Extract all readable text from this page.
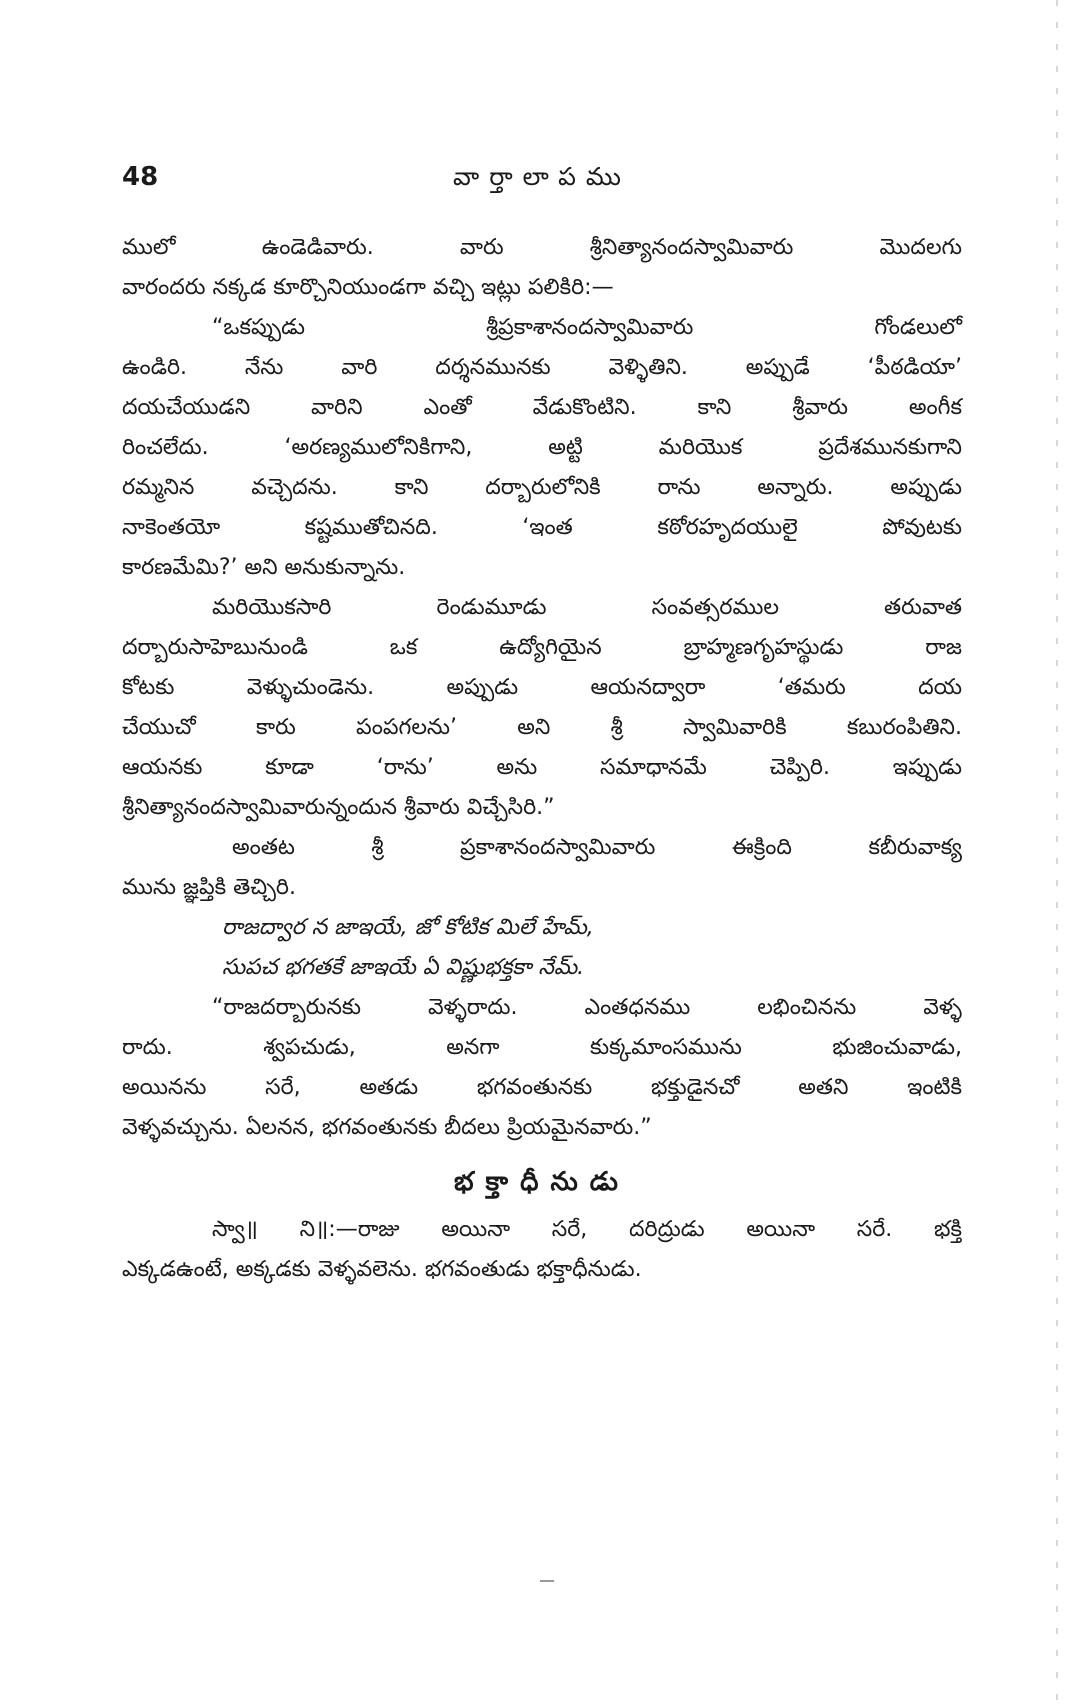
48	వార్తాలాపము
ములో ఉండెడివారు. వారు శ్రీనిత్యానందస్వామివారు మొదలగు
వారందరు నక్కడ కూర్చొనియుండగా వచ్చి ఇట్లు పలికిరి:—
“ఒకప్పుడు శ్రీప్రకాశానందస్వామివారు గోండలులో
ఉండిరి. నేను వారి దర్శనమునకు వెళ్ళితిని. అప్పుడే ‘పీఠడియా’
దయచేయుడని వారిని ఎంతో వేడుకొంటిని. కాని శ్రీవారు అంగీక
రించలేదు. ‘అరణ్యములోనికిగాని, అట్టి మరియొక ప్రదేశమునకుగాని
రమ్మనిన వచ్చెదను. కాని దర్బారులోనికి రాను అన్నారు. అప్పుడు
నాకెంతయో కష్టముతోచినది. ‘ఇంత కఠోరహృదయులై పోవుటకు
కారణమేమి?’ అని అనుకున్నాను.
మరియొకసారి రెండుమూడు సంవత్సరముల తరువాత
దర్బారుసాహెబునుండి ఒక ఉద్యోగియైన బ్రాహ్మణగృహస్థుడు రాజ
కోటకు వెళ్ళుచుండెను. అప్పుడు ఆయనద్వారా ‘తమరు దయ
చేయుచో కారు పంపగలను’ అని శ్రీ స్వామివారికి కబురంపితిని.
ఆయనకు కూడా ‘రాను’ అను సమాధానమే చెప్పిరి. ఇప్పుడు
శ్రీనిత్యానందస్వామివారున్నందున శ్రీవారు విచ్చేసిరి.”
అంతట శ్రీ ప్రకాశానందస్వామివారు ఈక్రింది కబీరువాక్య
మును జ్ఞప్తికి తెచ్చిరి.
రాజద్వార న జాఇయే, జో కోటిక మిలే హేమ్,
సుపచ భగతకే జాఇయే ఏ విష్ణుభక్తకా నేమ్.
“రాజదర్బారునకు వెళ్ళరాదు. ఎంతధనము లభించినను వెళ్ళ
రాదు. శ్వపచుడు, అనగా కుక్కమాంసమును భుజించువాడు,
అయినను సరే, అతడు భగవంతునకు భక్తుడైనచో అతని ఇంటికి
వెళ్ళవచ్చును. ఏలనన, భగవంతునకు బీదలు ప్రియమైనవారు.”
భక్తాధీనుడు
స్వా॥ ని॥:—రాజు అయినా సరే, దరిద్రుడు అయినా సరే. భక్తి
ఎక్కడఉంటే, అక్కడకు వెళ్ళవలెను. భగవంతుడు భక్తాధీనుడు.
